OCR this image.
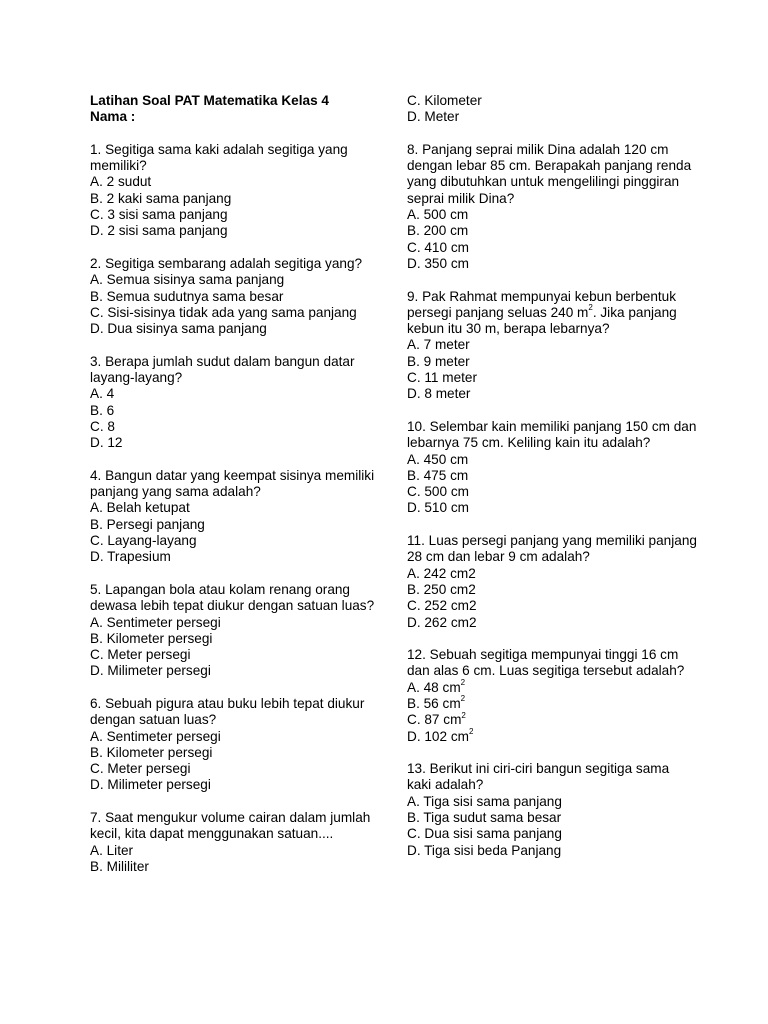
Latihan Soal PAT Matematika Kelas 4
Nama :
1. Segitiga sama kaki adalah segitiga yang memiliki?
A. 2 sudut
B. 2 kaki sama panjang
C. 3 sisi sama panjang
D. 2 sisi sama panjang
2. Segitiga sembarang adalah segitiga yang?
A. Semua sisinya sama panjang
B. Semua sudutnya sama besar
C. Sisi-sisinya tidak ada yang sama panjang
D. Dua sisinya sama panjang
3. Berapa jumlah sudut dalam bangun datar layang-layang?
A. 4
B. 6
C. 8
D. 12
4. Bangun datar yang keempat sisinya memiliki panjang yang sama adalah?
A. Belah ketupat
B. Persegi panjang
C. Layang-layang
D. Trapesium
5. Lapangan bola atau kolam renang orang dewasa lebih tepat diukur dengan satuan luas?
A. Sentimeter persegi
B. Kilometer persegi
C. Meter persegi
D. Milimeter persegi
6. Sebuah pigura atau buku lebih tepat diukur dengan satuan luas?
A. Sentimeter persegi
B. Kilometer persegi
C. Meter persegi
D. Milimeter persegi
7. Saat mengukur volume cairan dalam jumlah kecil, kita dapat menggunakan satuan....
A. Liter
B. Mililiter
C. Kilometer
D. Meter
8. Panjang seprai milik Dina adalah 120 cm dengan lebar 85 cm. Berapakah panjang renda yang dibutuhkan untuk mengelilingi pinggiran seprai milik Dina?
A. 500 cm
B. 200 cm
C. 410 cm
D. 350 cm
9. Pak Rahmat mempunyai kebun berbentuk persegi panjang seluas 240 $m^2$. Jika panjang kebun itu 30 m, berapa lebarnya?
A. 7 meter
B. 9 meter
C. 11 meter
D. 8 meter
10. Selembar kain memiliki panjang 150 cm dan lebarnya 75 cm. Keliling kain itu adalah?
A. 450 cm
B. 475 cm
C. 500 cm
D. 510 cm
11. Luas persegi panjang yang memiliki panjang 28 cm dan lebar 9 cm adalah?
A. 242 cm2
B. 250 cm2
C. 252 cm2
D. 262 cm2
12. Sebuah segitiga mempunyai tinggi 16 cm dan alas 6 cm. Luas segitiga tersebut adalah?
A. 48 $cm^2$
B. 56 $cm^2$
C. 87 $cm^2$
D. 102 $cm^2$
13. Berikut ini ciri-ciri bangun segitiga sama kaki adalah?
A. Tiga sisi sama panjang
B. Tiga sudut sama besar
C. Dua sisi sama panjang
D. Tiga sisi beda Panjang
